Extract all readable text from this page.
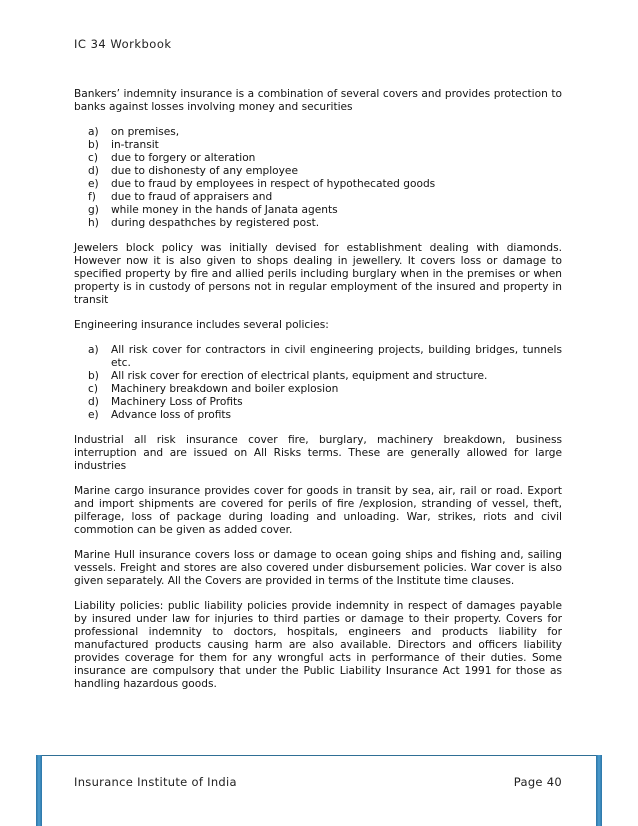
IC 34 Workbook

Bankers’ indemnity insurance is a combination of several covers and provides protection to banks against losses involving money and securities

a) on premises,
b) in-transit
c) due to forgery or alteration
d) due to dishonesty of any employee
e) due to fraud by employees in respect of hypothecated goods
f) due to fraud of appraisers and
g) while money in the hands of Janata agents
h) during despathches by registered post.

Jewelers block policy was initially devised for establishment dealing with diamonds. However now it is also given to shops dealing in jewellery. It covers loss or damage to specified property by fire and allied perils including burglary when in the premises or when property is in custody of persons not in regular employment of the insured and property in transit

Engineering insurance includes several policies:

a) All risk cover for contractors in civil engineering projects, building bridges, tunnels etc.
b) All risk cover for erection of electrical plants, equipment and structure.
c) Machinery breakdown and boiler explosion
d) Machinery Loss of Profits
e) Advance loss of profits

Industrial all risk insurance cover fire, burglary, machinery breakdown, business interruption and are issued on All Risks terms. These are generally allowed for large industries

Marine cargo insurance provides cover for goods in transit by sea, air, rail or road. Export and import shipments are covered for perils of fire /explosion, stranding of vessel, theft, pilferage, loss of package during loading and unloading. War, strikes, riots and civil commotion can be given as added cover.

Marine Hull insurance covers loss or damage to ocean going ships and fishing and, sailing vessels. Freight and stores are also covered under disbursement policies. War cover is also given separately. All the Covers are provided in terms of the Institute time clauses.

Liability policies: public liability policies provide indemnity in respect of damages payable by insured under law for injuries to third parties or damage to their property. Covers for professional indemnity to doctors, hospitals, engineers and products liability for manufactured products causing harm are also available. Directors and officers liability provides coverage for them for any wrongful acts in performance of their duties. Some insurance are compulsory that under the Public Liability Insurance Act 1991 for those as handling hazardous goods.

Insurance Institute of India	Page 40
